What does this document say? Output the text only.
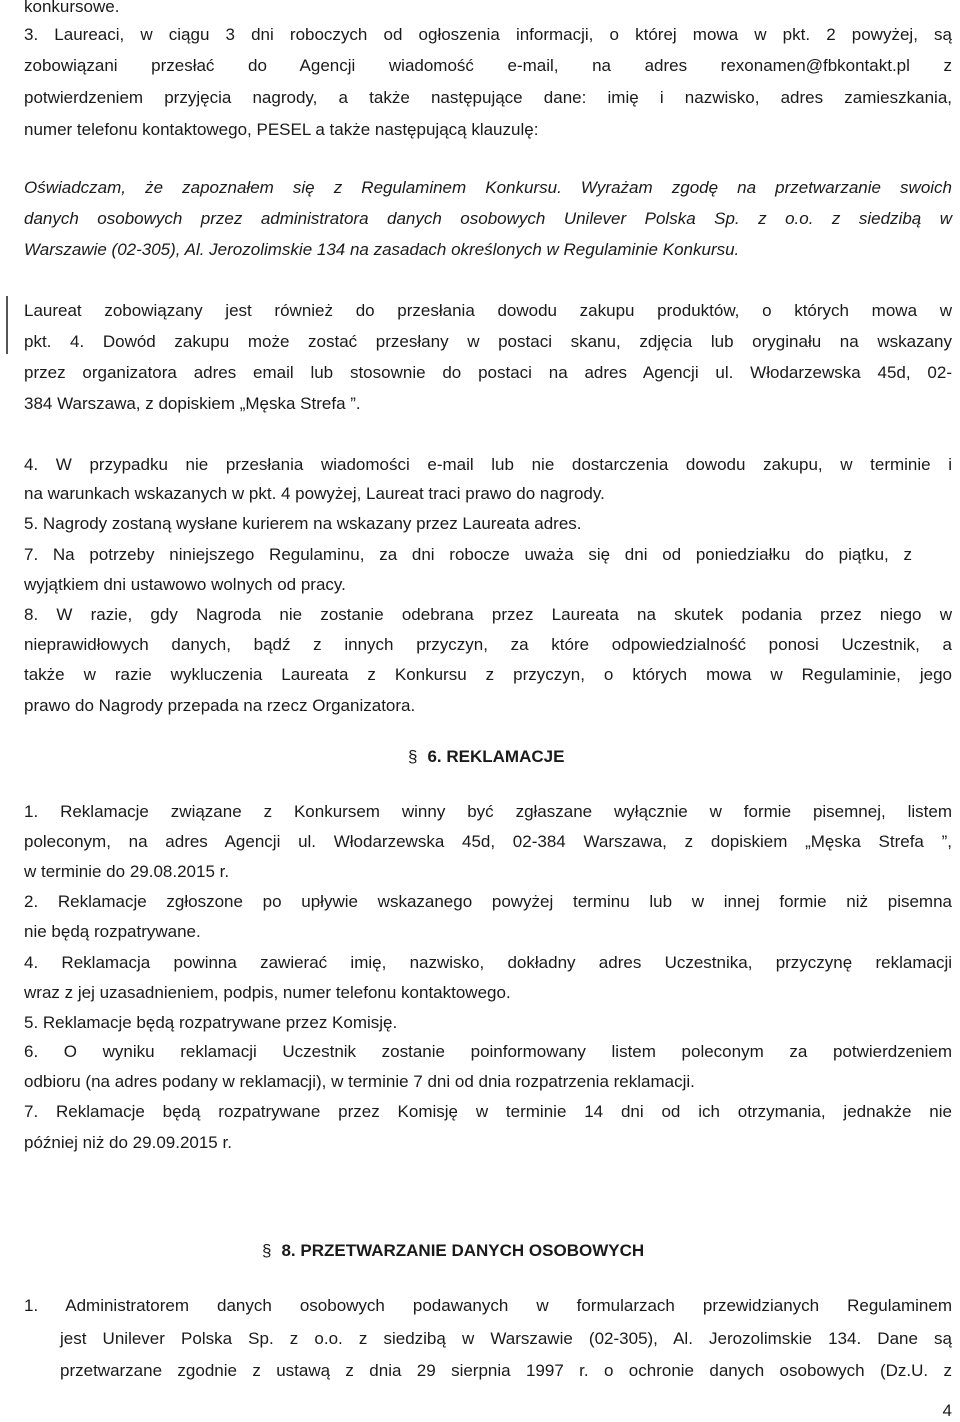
konkursowe.

3. Laureaci, w ciągu 3 dni roboczych od ogłoszenia informacji, o której mowa w pkt. 2 powyżej, są

zobowiązani przesłać do Agencji wiadomość e-mail, na adres rexonamen@fbkontakt.pl z

potwierdzeniem przyjęcia nagrody, a także następujące dane: imię i nazwisko, adres zamieszkania,

numer telefonu kontaktowego, PESEL a także następującą klauzulę:

Oświadczam, że zapoznałem się z Regulaminem Konkursu. Wyrażam zgodę na przetwarzanie swoich

danych osobowych przez administratora danych osobowych Unilever Polska Sp. z o.o. z siedzibą w

Warszawie (02-305), Al. Jerozolimskie 134 na zasadach określonych w Regulaminie Konkursu.

Laureat zobowiązany jest również do przesłania dowodu zakupu produktów, o których mowa w

pkt. 4. Dowód zakupu może zostać przesłany w postaci skanu, zdjęcia lub oryginału na wskazany

przez organizatora adres email lub stosownie do postaci na adres Agencji ul. Włodarzewska 45d, 02-

384 Warszawa, z dopiskiem „Męska Strefa ”.

4. W przypadku nie przesłania wiadomości e-mail lub nie dostarczenia dowodu zakupu, w terminie i

na warunkach wskazanych w pkt. 4 powyżej, Laureat traci prawo do nagrody.

5. Nagrody zostaną wysłane kurierem na wskazany przez Laureata adres.

7. Na potrzeby niniejszego Regulaminu, za dni robocze uważa się dni od poniedziałku do piątku, z

wyjątkiem dni ustawowo wolnych od pracy.

8. W razie, gdy Nagroda nie zostanie odebrana przez Laureata na skutek podania przez niego w

nieprawidłowych danych, bądź z innych przyczyn, za które odpowiedzialność ponosi Uczestnik, a

także w razie wykluczenia Laureata z Konkursu z przyczyn, o których mowa w Regulaminie, jego

prawo do Nagrody przepada na rzecz Organizatora.

§ 6. REKLAMACJE

1. Reklamacje związane z Konkursem winny być zgłaszane wyłącznie w formie pisemnej, listem

poleconym, na adres Agencji ul. Włodarzewska 45d, 02-384 Warszawa, z dopiskiem „Męska Strefa ”,

w terminie do 29.08.2015 r.

2. Reklamacje zgłoszone po upływie wskazanego powyżej terminu lub w innej formie niż pisemna

nie będą rozpatrywane.

4. Reklamacja powinna zawierać imię, nazwisko, dokładny adres Uczestnika, przyczynę reklamacji

wraz z jej uzasadnieniem, podpis, numer telefonu kontaktowego.

5. Reklamacje będą rozpatrywane przez Komisję.

6. O wyniku reklamacji Uczestnik zostanie poinformowany listem poleconym za potwierdzeniem

odbioru (na adres podany w reklamacji), w terminie 7 dni od dnia rozpatrzenia reklamacji.

7. Reklamacje będą rozpatrywane przez Komisję w terminie 14 dni od ich otrzymania, jednakże nie

później niż do 29.09.2015 r.

§ 8. PRZETWARZANIE DANYCH OSOBOWYCH

1. Administratorem danych osobowych podawanych w formularzach przewidzianych Regulaminem

jest Unilever Polska Sp. z o.o. z siedzibą w Warszawie (02-305), Al. Jerozolimskie 134. Dane są

przetwarzane zgodnie z ustawą z dnia 29 sierpnia 1997 r. o ochronie danych osobowych (Dz.U. z

4
